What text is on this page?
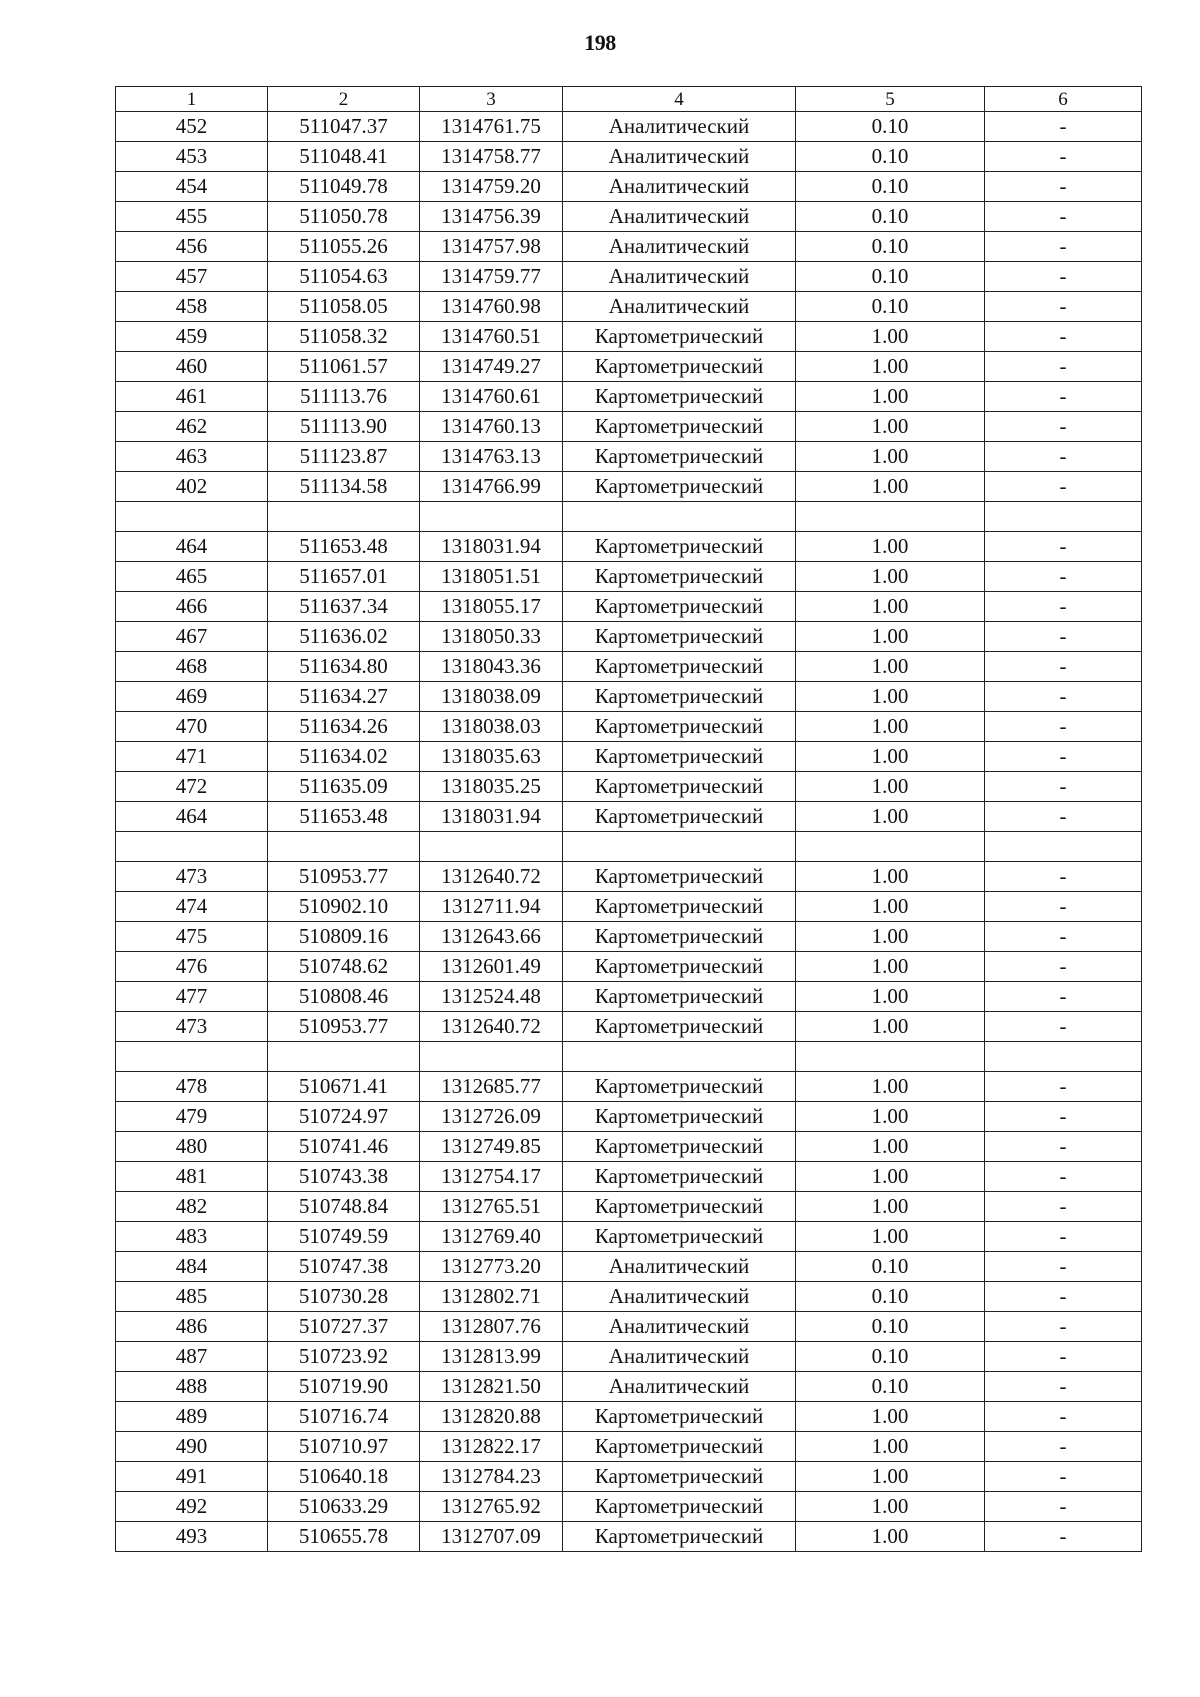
198
1	2	3	4	5	6
452	511047.37	1314761.75	Аналитический	0.10	-
453	511048.41	1314758.77	Аналитический	0.10	-
454	511049.78	1314759.20	Аналитический	0.10	-
455	511050.78	1314756.39	Аналитический	0.10	-
456	511055.26	1314757.98	Аналитический	0.10	-
457	511054.63	1314759.77	Аналитический	0.10	-
458	511058.05	1314760.98	Аналитический	0.10	-
459	511058.32	1314760.51	Картометрический	1.00	-
460	511061.57	1314749.27	Картометрический	1.00	-
461	511113.76	1314760.61	Картометрический	1.00	-
462	511113.90	1314760.13	Картометрический	1.00	-
463	511123.87	1314763.13	Картометрический	1.00	-
402	511134.58	1314766.99	Картометрический	1.00	-

464	511653.48	1318031.94	Картометрический	1.00	-
465	511657.01	1318051.51	Картометрический	1.00	-
466	511637.34	1318055.17	Картометрический	1.00	-
467	511636.02	1318050.33	Картометрический	1.00	-
468	511634.80	1318043.36	Картометрический	1.00	-
469	511634.27	1318038.09	Картометрический	1.00	-
470	511634.26	1318038.03	Картометрический	1.00	-
471	511634.02	1318035.63	Картометрический	1.00	-
472	511635.09	1318035.25	Картометрический	1.00	-
464	511653.48	1318031.94	Картометрический	1.00	-

473	510953.77	1312640.72	Картометрический	1.00	-
474	510902.10	1312711.94	Картометрический	1.00	-
475	510809.16	1312643.66	Картометрический	1.00	-
476	510748.62	1312601.49	Картометрический	1.00	-
477	510808.46	1312524.48	Картометрический	1.00	-
473	510953.77	1312640.72	Картометрический	1.00	-

478	510671.41	1312685.77	Картометрический	1.00	-
479	510724.97	1312726.09	Картометрический	1.00	-
480	510741.46	1312749.85	Картометрический	1.00	-
481	510743.38	1312754.17	Картометрический	1.00	-
482	510748.84	1312765.51	Картометрический	1.00	-
483	510749.59	1312769.40	Картометрический	1.00	-
484	510747.38	1312773.20	Аналитический	0.10	-
485	510730.28	1312802.71	Аналитический	0.10	-
486	510727.37	1312807.76	Аналитический	0.10	-
487	510723.92	1312813.99	Аналитический	0.10	-
488	510719.90	1312821.50	Аналитический	0.10	-
489	510716.74	1312820.88	Картометрический	1.00	-
490	510710.97	1312822.17	Картометрический	1.00	-
491	510640.18	1312784.23	Картометрический	1.00	-
492	510633.29	1312765.92	Картометрический	1.00	-
493	510655.78	1312707.09	Картометрический	1.00	-
